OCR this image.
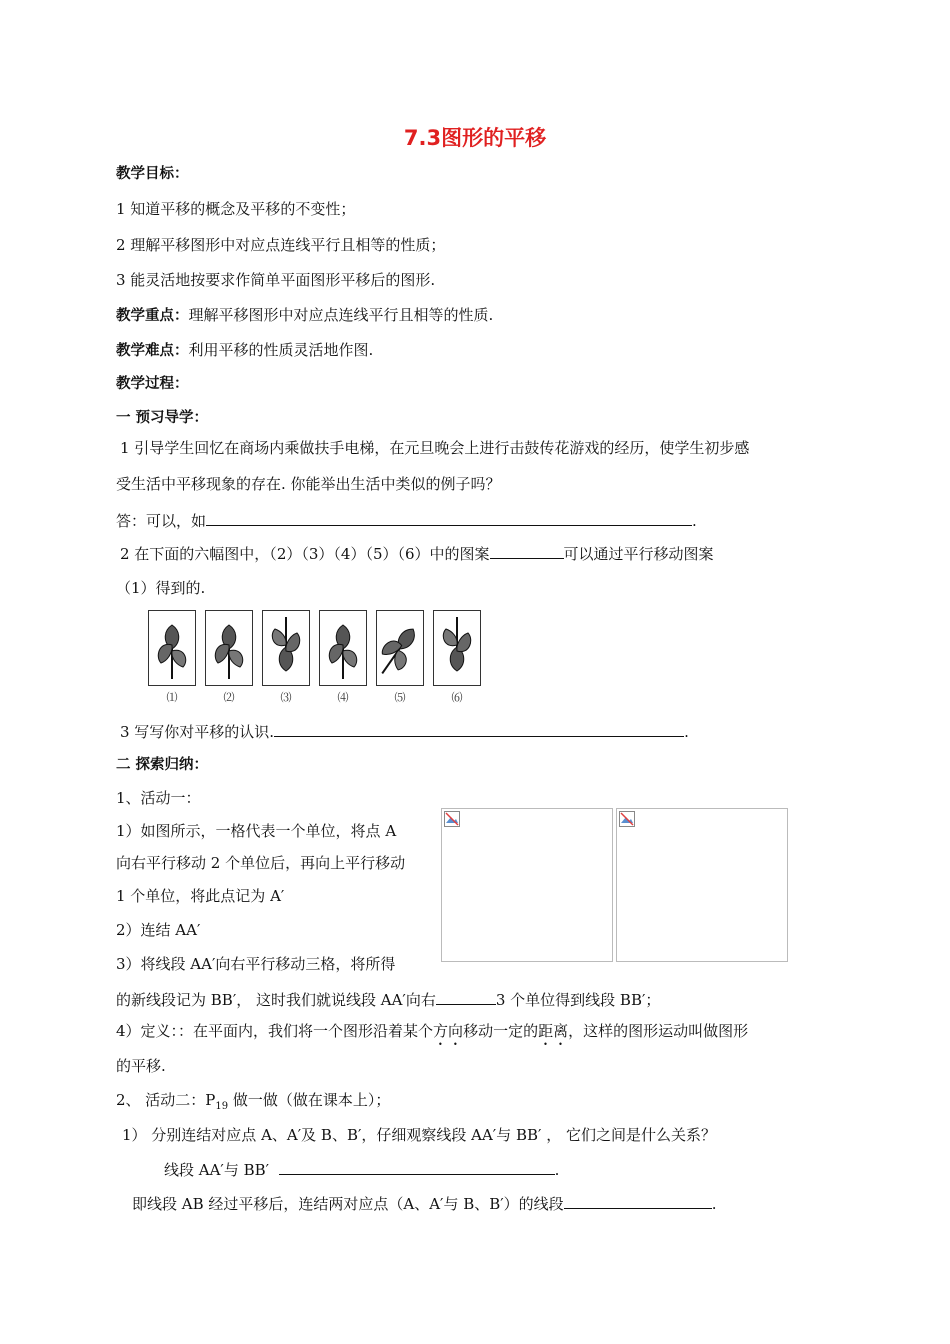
7.3图形的平移
教学目标：
1 知道平移的概念及平移的不变性；
2 理解平移图形中对应点连线平行且相等的性质；
3 能灵活地按要求作简单平面图形平移后的图形.
教学重点：理解平移图形中对应点连线平行且相等的性质.
教学难点：利用平移的性质灵活地作图.
教学过程：
一 预习导学：
1 引导学生回忆在商场内乘做扶手电梯，在元旦晚会上进行击鼓传花游戏的经历，使学生初步感
受生活中平移现象的存在. 你能举出生活中类似的例子吗？
答：可以，如	.
2 在下面的六幅图中，（2）（3）（4）（5）（6）中的图案	可以通过平行移动图案
（1）得到的.
⑴	⑵	⑶	⑷	⑸	⑹
3 写写你对平移的认识.	.
二 探索归纳：
1、活动一：
1）如图所示，一格代表一个单位，将点 A
向右平行移动 2 个单位后，再向上平行移动
1 个单位，将此点记为 A′
2）连结 AA′
3）将线段 AA′向右平行移动三格，将所得
的新线段记为 BB′， 这时我们就说线段 AA′向右	3 个单位得到线段 BB′；
4）定义：：在平面内，我们将一个图形沿着某个方向移动一定的距离，这样的图形运动叫做图形
的平移.
2、 活动二：$P_{19}$ 做一做（做在课本上）；
1） 分别连结对应点 A、A′及 B、B′，仔细观察线段 AA′与 BB′ ， 它们之间是什么关系？
线段 AA′与 BB′	.
即线段 AB 经过平移后，连结两对应点（A、A′与 B、B′）的线段	.
